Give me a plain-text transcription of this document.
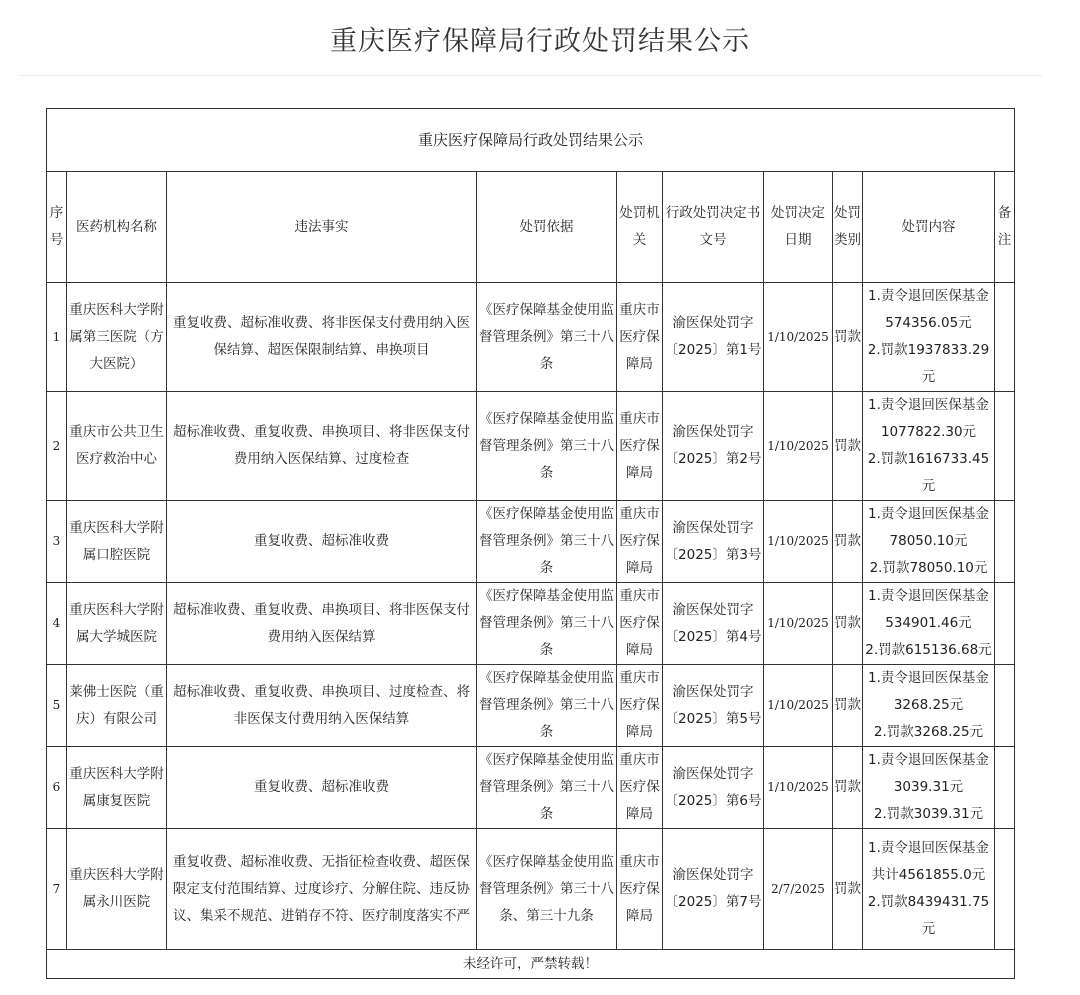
重庆医疗保障局行政处罚结果公示
重庆医疗保障局行政处罚结果公示									
序号	医药机构名称	违法事实	处罚依据	处罚机关	行政处罚决定书文号	处罚决定日期	处罚类别	处罚内容	备注
1	重庆医科大学附属第三医院（方大医院）	重复收费、超标准收费、将非医保支付费用纳入医保结算、超医保限制结算、串换项目	《医疗保障基金使用监督管理条例》第三十八条	重庆市医疗保障局	渝医保处罚字〔2025〕第1号	1/10/2025	罚款	1.责令退回医保基金574356.05元
2.罚款1937833.29元	
2	重庆市公共卫生医疗救治中心	超标准收费、重复收费、串换项目、将非医保支付费用纳入医保结算、过度检查	《医疗保障基金使用监督管理条例》第三十八条	重庆市医疗保障局	渝医保处罚字〔2025〕第2号	1/10/2025	罚款	1.责令退回医保基金1077822.30元
2.罚款1616733.45元	
3	重庆医科大学附属口腔医院	重复收费、超标准收费	《医疗保障基金使用监督管理条例》第三十八条	重庆市医疗保障局	渝医保处罚字〔2025〕第3号	1/10/2025	罚款	1.责令退回医保基金78050.10元
2.罚款78050.10元	
4	重庆医科大学附属大学城医院	超标准收费、重复收费、串换项目、将非医保支付费用纳入医保结算	《医疗保障基金使用监督管理条例》第三十八条	重庆市医疗保障局	渝医保处罚字〔2025〕第4号	1/10/2025	罚款	1.责令退回医保基金534901.46元
2.罚款615136.68元	
5	莱佛士医院（重庆）有限公司	超标准收费、重复收费、串换项目、过度检查、将非医保支付费用纳入医保结算	《医疗保障基金使用监督管理条例》第三十八条	重庆市医疗保障局	渝医保处罚字〔2025〕第5号	1/10/2025	罚款	1.责令退回医保基金3268.25元
2.罚款3268.25元	
6	重庆医科大学附属康复医院	重复收费、超标准收费	《医疗保障基金使用监督管理条例》第三十八条	重庆市医疗保障局	渝医保处罚字〔2025〕第6号	1/10/2025	罚款	1.责令退回医保基金3039.31元
2.罚款3039.31元	
7	重庆医科大学附属永川医院	重复收费、超标准收费、无指征检查收费、超医保限定支付范围结算、过度诊疗、分解住院、违反协议、集采不规范、进销存不符、医疗制度落实不严	《医疗保障基金使用监督管理条例》第三十八条、第三十九条	重庆市医疗保障局	渝医保处罚字〔2025〕第7号	2/7/2025	罚款	1.责令退回医保基金共计4561855.0元
2.罚款8439431.75元	
未经许可，严禁转载！									
